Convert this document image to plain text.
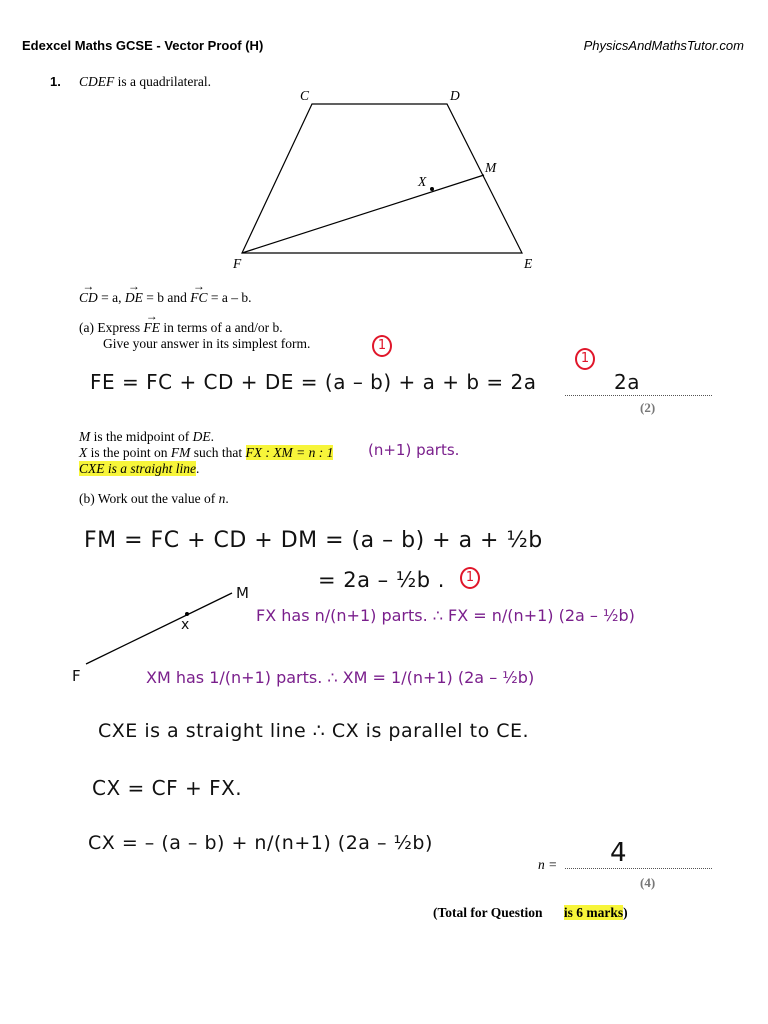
Edexcel Maths GCSE - Vector Proof (H)	PhysicsAndMathsTutor.com
1. CDEF is a quadrilateral.
C	D
M
X
F	E
→ CD = a, → DE = b and → FC = a – b.
(a) Express → FE in terms of a and/or b.
Give your answer in its simplest form.	1
FE = FC + CD + DE = (a – b) + a + b = 2a
1
2a
(2)
M is the midpoint of DE.
X is the point on FM such that FX : XM = n : 1 (n+1) parts.
CXE is a straight line.
(b) Work out the value of n.
FM = FC + CD + DM = (a – b) + a + ½b
= 2a – ½b .	1
M
x
F
FX has n/(n+1) parts. ∴ FX = n/(n+1) (2a – ½b)
XM has 1/(n+1) parts. ∴ XM = 1/(n+1) (2a – ½b)
CXE is a straight line ∴ CX is parallel to CE.
CX = CF + FX.
CX = – (a – b) + n/(n+1) (2a – ½b)
n = 4
(4)
(Total for Question is 6 marks)
